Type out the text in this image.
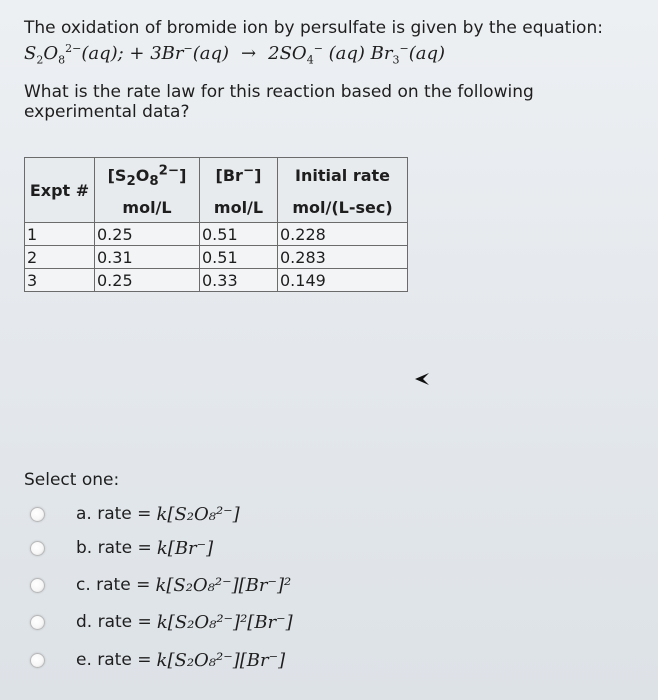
The oxidation of bromide ion by persulfate is given by the equation:
$S_2O_8^{2-}(aq)$; + $3Br^-(aq) \to 2SO_4^-$ (aq) $Br_3^-(aq)$
What is the rate law for this reaction based on the following
experimental data?
Expt #	$[S_2O_8^{2-}]$	[Br−]	Initial rate
	mol/L	mol/L	mol/(L-sec)
1	0.25	0.51	0.228
2	0.31	0.51	0.283
3	0.25	0.33	0.149
Select one:
a. rate =
k [S₂O₈²⁻]
b. rate =
k [Br⁻]
c. rate =
k [S₂O₈²⁻][Br⁻]²
d. rate =
k [S₂O₈²⁻]²[Br⁻]
e. rate =
k [S₂O₈²⁻][Br⁻]
